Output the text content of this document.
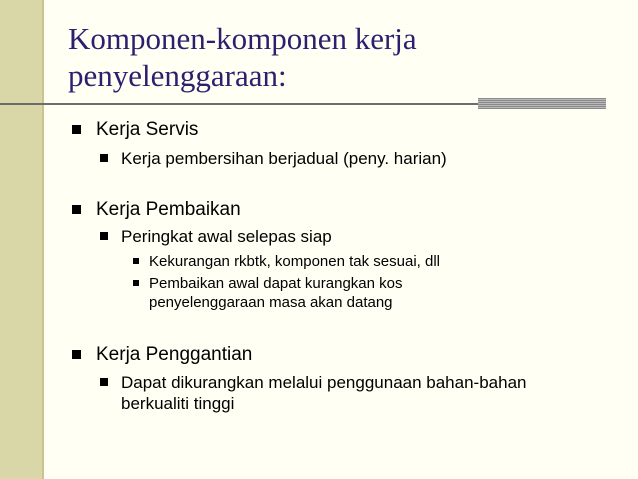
Komponen-komponen kerja
penyelenggaraan:
Kerja Servis
Kerja pembersihan berjadual (peny. harian)
Kerja Pembaikan
Peringkat awal selepas siap
Kekurangan rkbtk, komponen tak sesuai, dll
Pembaikan awal dapat kurangkan kos
penyelenggaraan masa akan datang
Kerja Penggantian
Dapat dikurangkan melalui penggunaan bahan-bahan
berkualiti tinggi
